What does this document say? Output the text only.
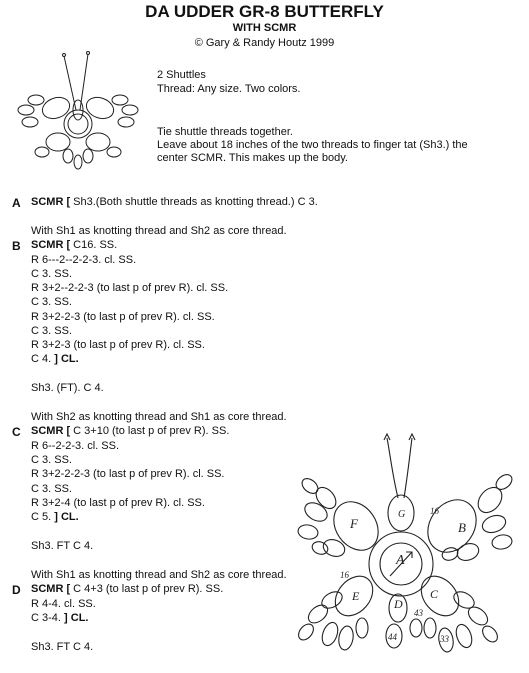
DA UDDER GR-8 BUTTERFLY
WITH SCMR
© Gary & Randy Houtz 1999
2 Shuttles
Thread: Any size. Two colors.
Tie shuttle threads together.
Leave about 18 inches of the two threads to finger tat (Sh3.) the
center SCMR. This makes up the body.
A SCMR [ Sh3.(Both shuttle threads as knotting thread.) C 3.
With Sh1 as knotting thread and Sh2 as core thread.
B SCMR [ C16. SS.
R 6---2--2-2-3. cl. SS.
C 3. SS.
R 3+2--2-2-3 (to last p of prev R). cl. SS.
C 3. SS.
R 3+2-2-3 (to last p of prev R). cl. SS.
C 3. SS.
R 3+2-3 (to last p of prev R). cl. SS.
C 4. ] CL.
Sh3. (FT). C 4.
With Sh2 as knotting thread and Sh1 as core thread.
C SCMR [ C 3+10 (to last p of prev R). SS.
R 6--2-2-3. cl. SS.
C 3. SS.
R 3+2-2-2-3 (to last p of prev R). cl. SS.
C 3. SS.
R 3+2-4 (to last p of prev R). cl. SS.
C 5. ] CL.
Sh3. FT C 4.
With Sh1 as knotting thread and Sh2 as core thread.
D SCMR [ C 4+3 (to last p of prev R). SS.
R 4-4. cl. SS.
C 3-4. ] CL.
Sh3. FT C 4.
A
B
C
D
E
F
G	16
16
44	33
43
